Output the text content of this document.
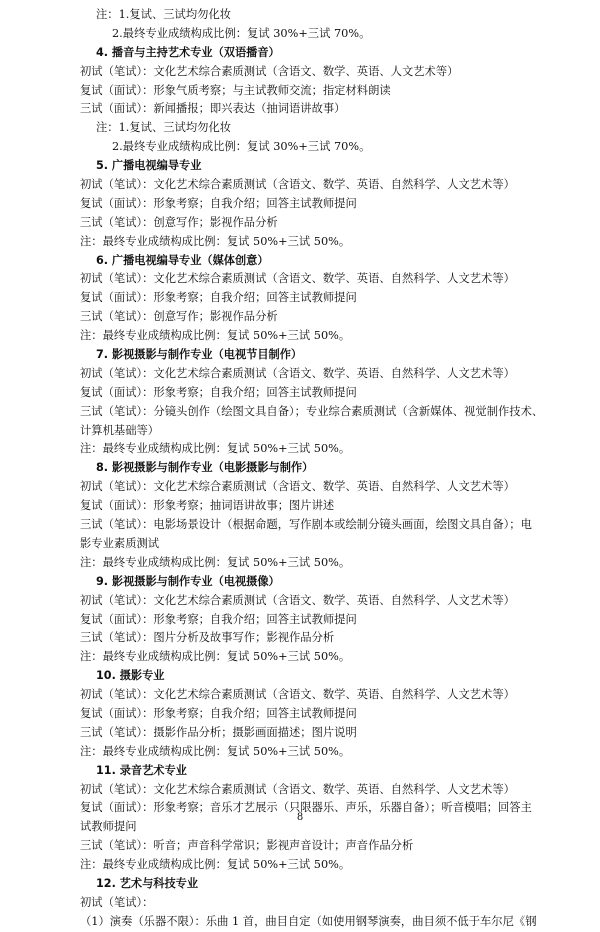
注：1.复试、三试均勿化妆
2.最终专业成绩构成比例：复试 30%+三试 70%。
4. 播音与主持艺术专业（双语播音）
初试（笔试）：文化艺术综合素质测试（含语文、数学、英语、人文艺术等）
复试（面试）：形象气质考察；与主试教师交流；指定材料朗读
三试（面试）：新闻播报；即兴表达（抽词语讲故事）
注：1.复试、三试均勿化妆
2.最终专业成绩构成比例：复试 30%+三试 70%。
5. 广播电视编导专业
初试（笔试）：文化艺术综合素质测试（含语文、数学、英语、自然科学、人文艺术等）
复试（面试）：形象考察；自我介绍；回答主试教师提问
三试（笔试）：创意写作；影视作品分析
注：最终专业成绩构成比例：复试 50%+三试 50%。
6. 广播电视编导专业（媒体创意）
初试（笔试）：文化艺术综合素质测试（含语文、数学、英语、自然科学、人文艺术等）
复试（面试）：形象考察；自我介绍；回答主试教师提问
三试（笔试）：创意写作；影视作品分析
注：最终专业成绩构成比例：复试 50%+三试 50%。
7. 影视摄影与制作专业（电视节目制作）
初试（笔试）：文化艺术综合素质测试（含语文、数学、英语、自然科学、人文艺术等）
复试（面试）：形象考察；自我介绍；回答主试教师提问
三试（笔试）：分镜头创作（绘图文具自备）；专业综合素质测试（含新媒体、视觉制作技术、
计算机基础等）
注：最终专业成绩构成比例：复试 50%+三试 50%。
8. 影视摄影与制作专业（电影摄影与制作）
初试（笔试）：文化艺术综合素质测试（含语文、数学、英语、自然科学、人文艺术等）
复试（面试）：形象考察；抽词语讲故事；图片讲述
三试（笔试）：电影场景设计（根据命题，写作剧本或绘制分镜头画面，绘图文具自备）；电
影专业素质测试
注：最终专业成绩构成比例：复试 50%+三试 50%。
9. 影视摄影与制作专业（电视摄像）
初试（笔试）：文化艺术综合素质测试（含语文、数学、英语、自然科学、人文艺术等）
复试（面试）：形象考察；自我介绍；回答主试教师提问
三试（笔试）：图片分析及故事写作；影视作品分析
注：最终专业成绩构成比例：复试 50%+三试 50%。
10. 摄影专业
初试（笔试）：文化艺术综合素质测试（含语文、数学、英语、自然科学、人文艺术等）
复试（面试）：形象考察；自我介绍；回答主试教师提问
三试（笔试）：摄影作品分析；摄影画面描述；图片说明
注：最终专业成绩构成比例：复试 50%+三试 50%。
11. 录音艺术专业
初试（笔试）：文化艺术综合素质测试（含语文、数学、英语、自然科学、人文艺术等）
复试（面试）：形象考察；音乐才艺展示（只限器乐、声乐，乐器自备）；听音模唱；回答主
试教师提问
三试（笔试）：听音；声音科学常识；影视声音设计；声音作品分析
注：最终专业成绩构成比例：复试 50%+三试 50%。
12. 艺术与科技专业
初试（笔试）：
（1）演奏（乐器不限）：乐曲 1 首，曲目自定（如使用钢琴演奏，曲目须不低于车尔尼《钢
8
